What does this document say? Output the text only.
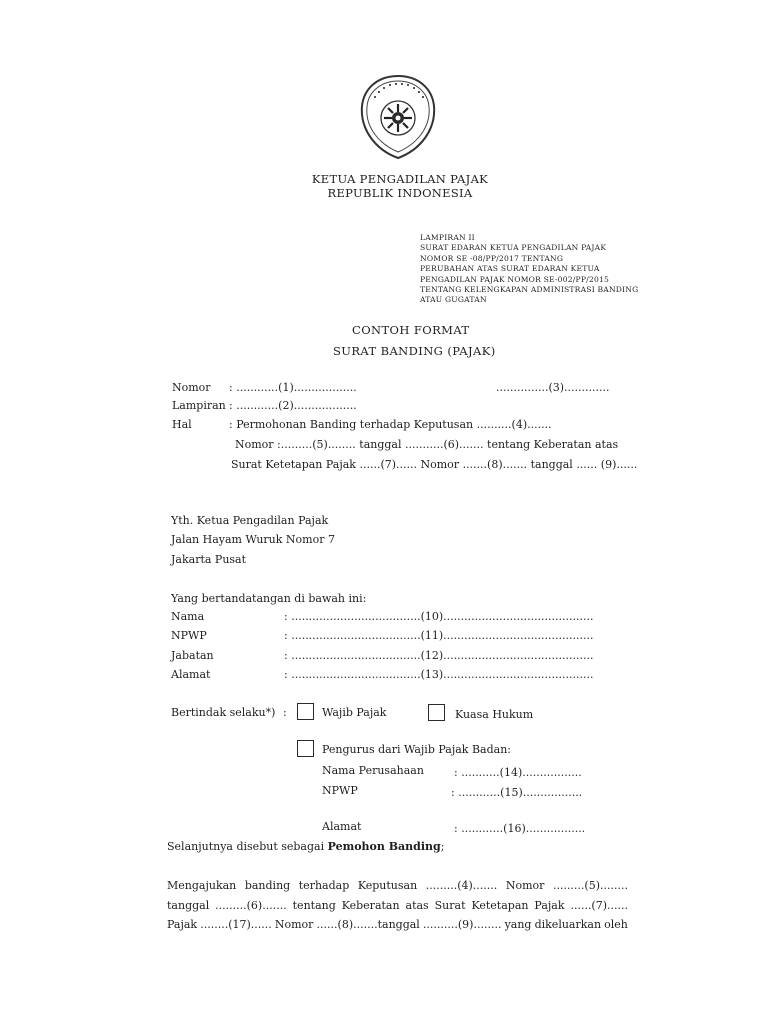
KETUA PENGADILAN PAJAK
REPUBLIK INDONESIA
LAMPIRAN II
SURAT EDARAN KETUA PENGADILAN PAJAK
NOMOR SE -08/PP/2017 TENTANG
PERUBAHAN ATAS SURAT EDARAN KETUA
PENGADILAN PAJAK NOMOR SE-002/PP/2015
TENTANG KELENGKAPAN ADMINISTRASI BANDING
ATAU GUGATAN
CONTOH FORMAT
SURAT BANDING (PAJAK)
Nomor : ............(1)..................	...............(3).............
Lampiran : ............(2)..................
Hal	: Permohonan Banding terhadap Keputusan ..........(4).......
Nomor :.........(5)........ tanggal ...........(6)....... tentang Keberatan atas
Surat Ketetapan Pajak ......(7)...... Nomor .......(8)....... tanggal ...... (9)......
Yth. Ketua Pengadilan Pajak
Jalan Hayam Wuruk Nomor 7
Jakarta Pusat
Yang bertandatangan di bawah ini:
Nama	: .....................................(10)...........................................
NPWP	: .....................................(11)...........................................
Jabatan	: .....................................(12)...........................................
Alamat	: .....................................(13)...........................................
Bertindak selaku*) :	Wajib Pajak	Kuasa Hukum
Pengurus dari Wajib Pajak Badan:
Nama Perusahaan	: ...........(14).................
NPWP	: ............(15).................
Alamat	: ............(16).................
Selanjutnya disebut sebagai Pemohon Banding;
Mengajukan banding terhadap Keputusan .........(4)....... Nomor .........(5)........
tanggal .........(6)....... tentang Keberatan atas Surat Ketetapan Pajak ......(7)......
Pajak ........(17)...... Nomor ......(8).......tanggal ..........(9)........ yang dikeluarkan oleh
